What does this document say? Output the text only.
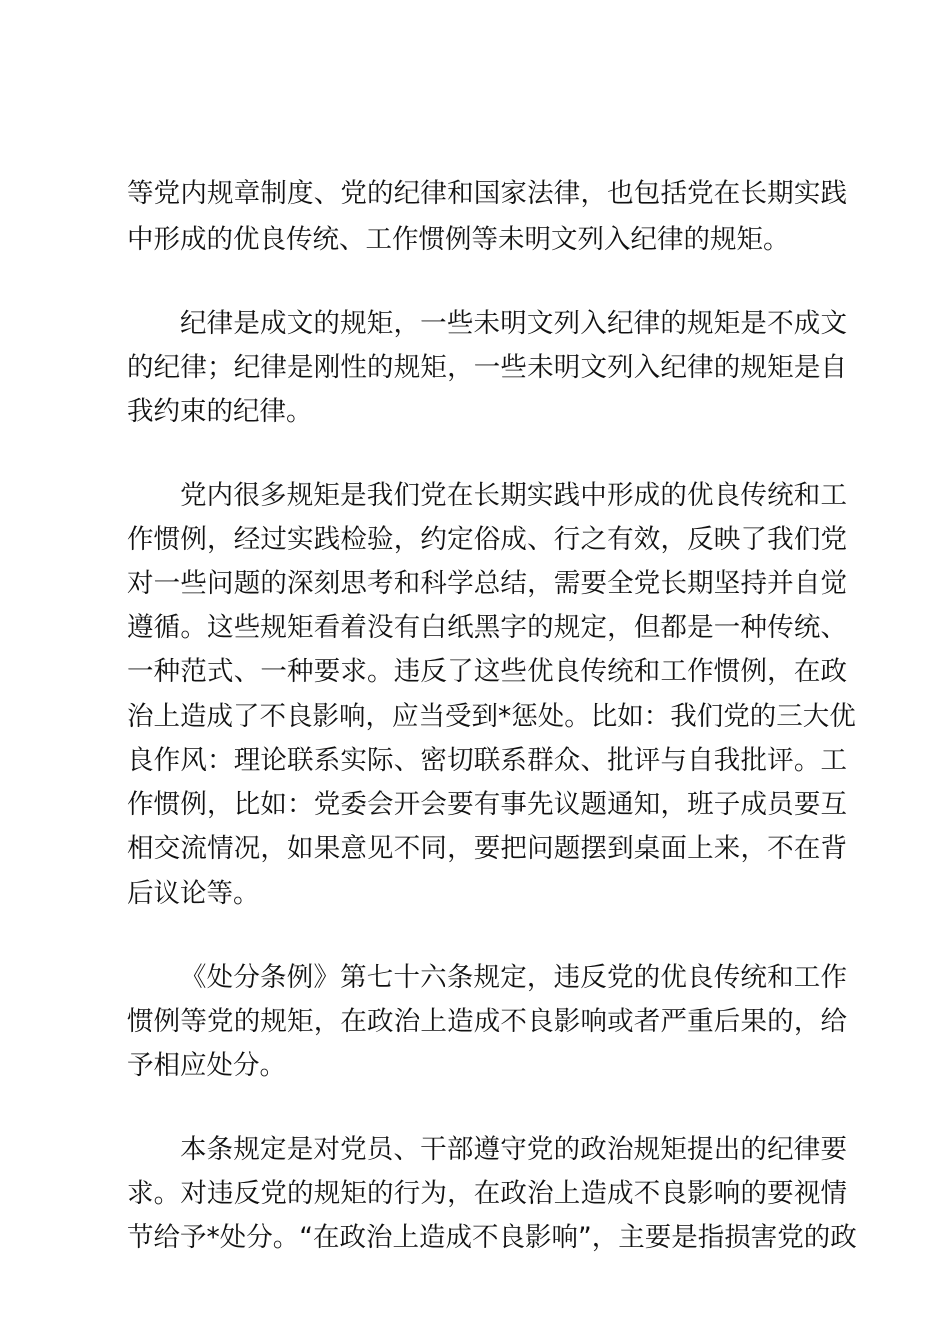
等党内规章制度、党的纪律和国家法律，也包括党在长期实践
中形成的优良传统、工作惯例等未明文列入纪律的规矩。
纪律是成文的规矩，一些未明文列入纪律的规矩是不成文
的纪律；纪律是刚性的规矩，一些未明文列入纪律的规矩是自
我约束的纪律。
党内很多规矩是我们党在长期实践中形成的优良传统和工
作惯例，经过实践检验，约定俗成、行之有效，反映了我们党
对一些问题的深刻思考和科学总结，需要全党长期坚持并自觉
遵循。这些规矩看着没有白纸黑字的规定，但都是一种传统、
一种范式、一种要求。违反了这些优良传统和工作惯例，在政
治上造成了不良影响，应当受到*惩处。比如：我们党的三大优
良作风：理论联系实际、密切联系群众、批评与自我批评。工
作惯例，比如：党委会开会要有事先议题通知，班子成员要互
相交流情况，如果意见不同，要把问题摆到桌面上来，不在背
后议论等。
《处分条例》第七十六条规定，违反党的优良传统和工作
惯例等党的规矩，在政治上造成不良影响或者严重后果的，给
予相应处分。
本条规定是对党员、干部遵守党的政治规矩提出的纪律要
求。对违反党的规矩的行为，在政治上造成不良影响的要视情
节给予*处分。“在政治上造成不良影响”，主要是指损害党的政
